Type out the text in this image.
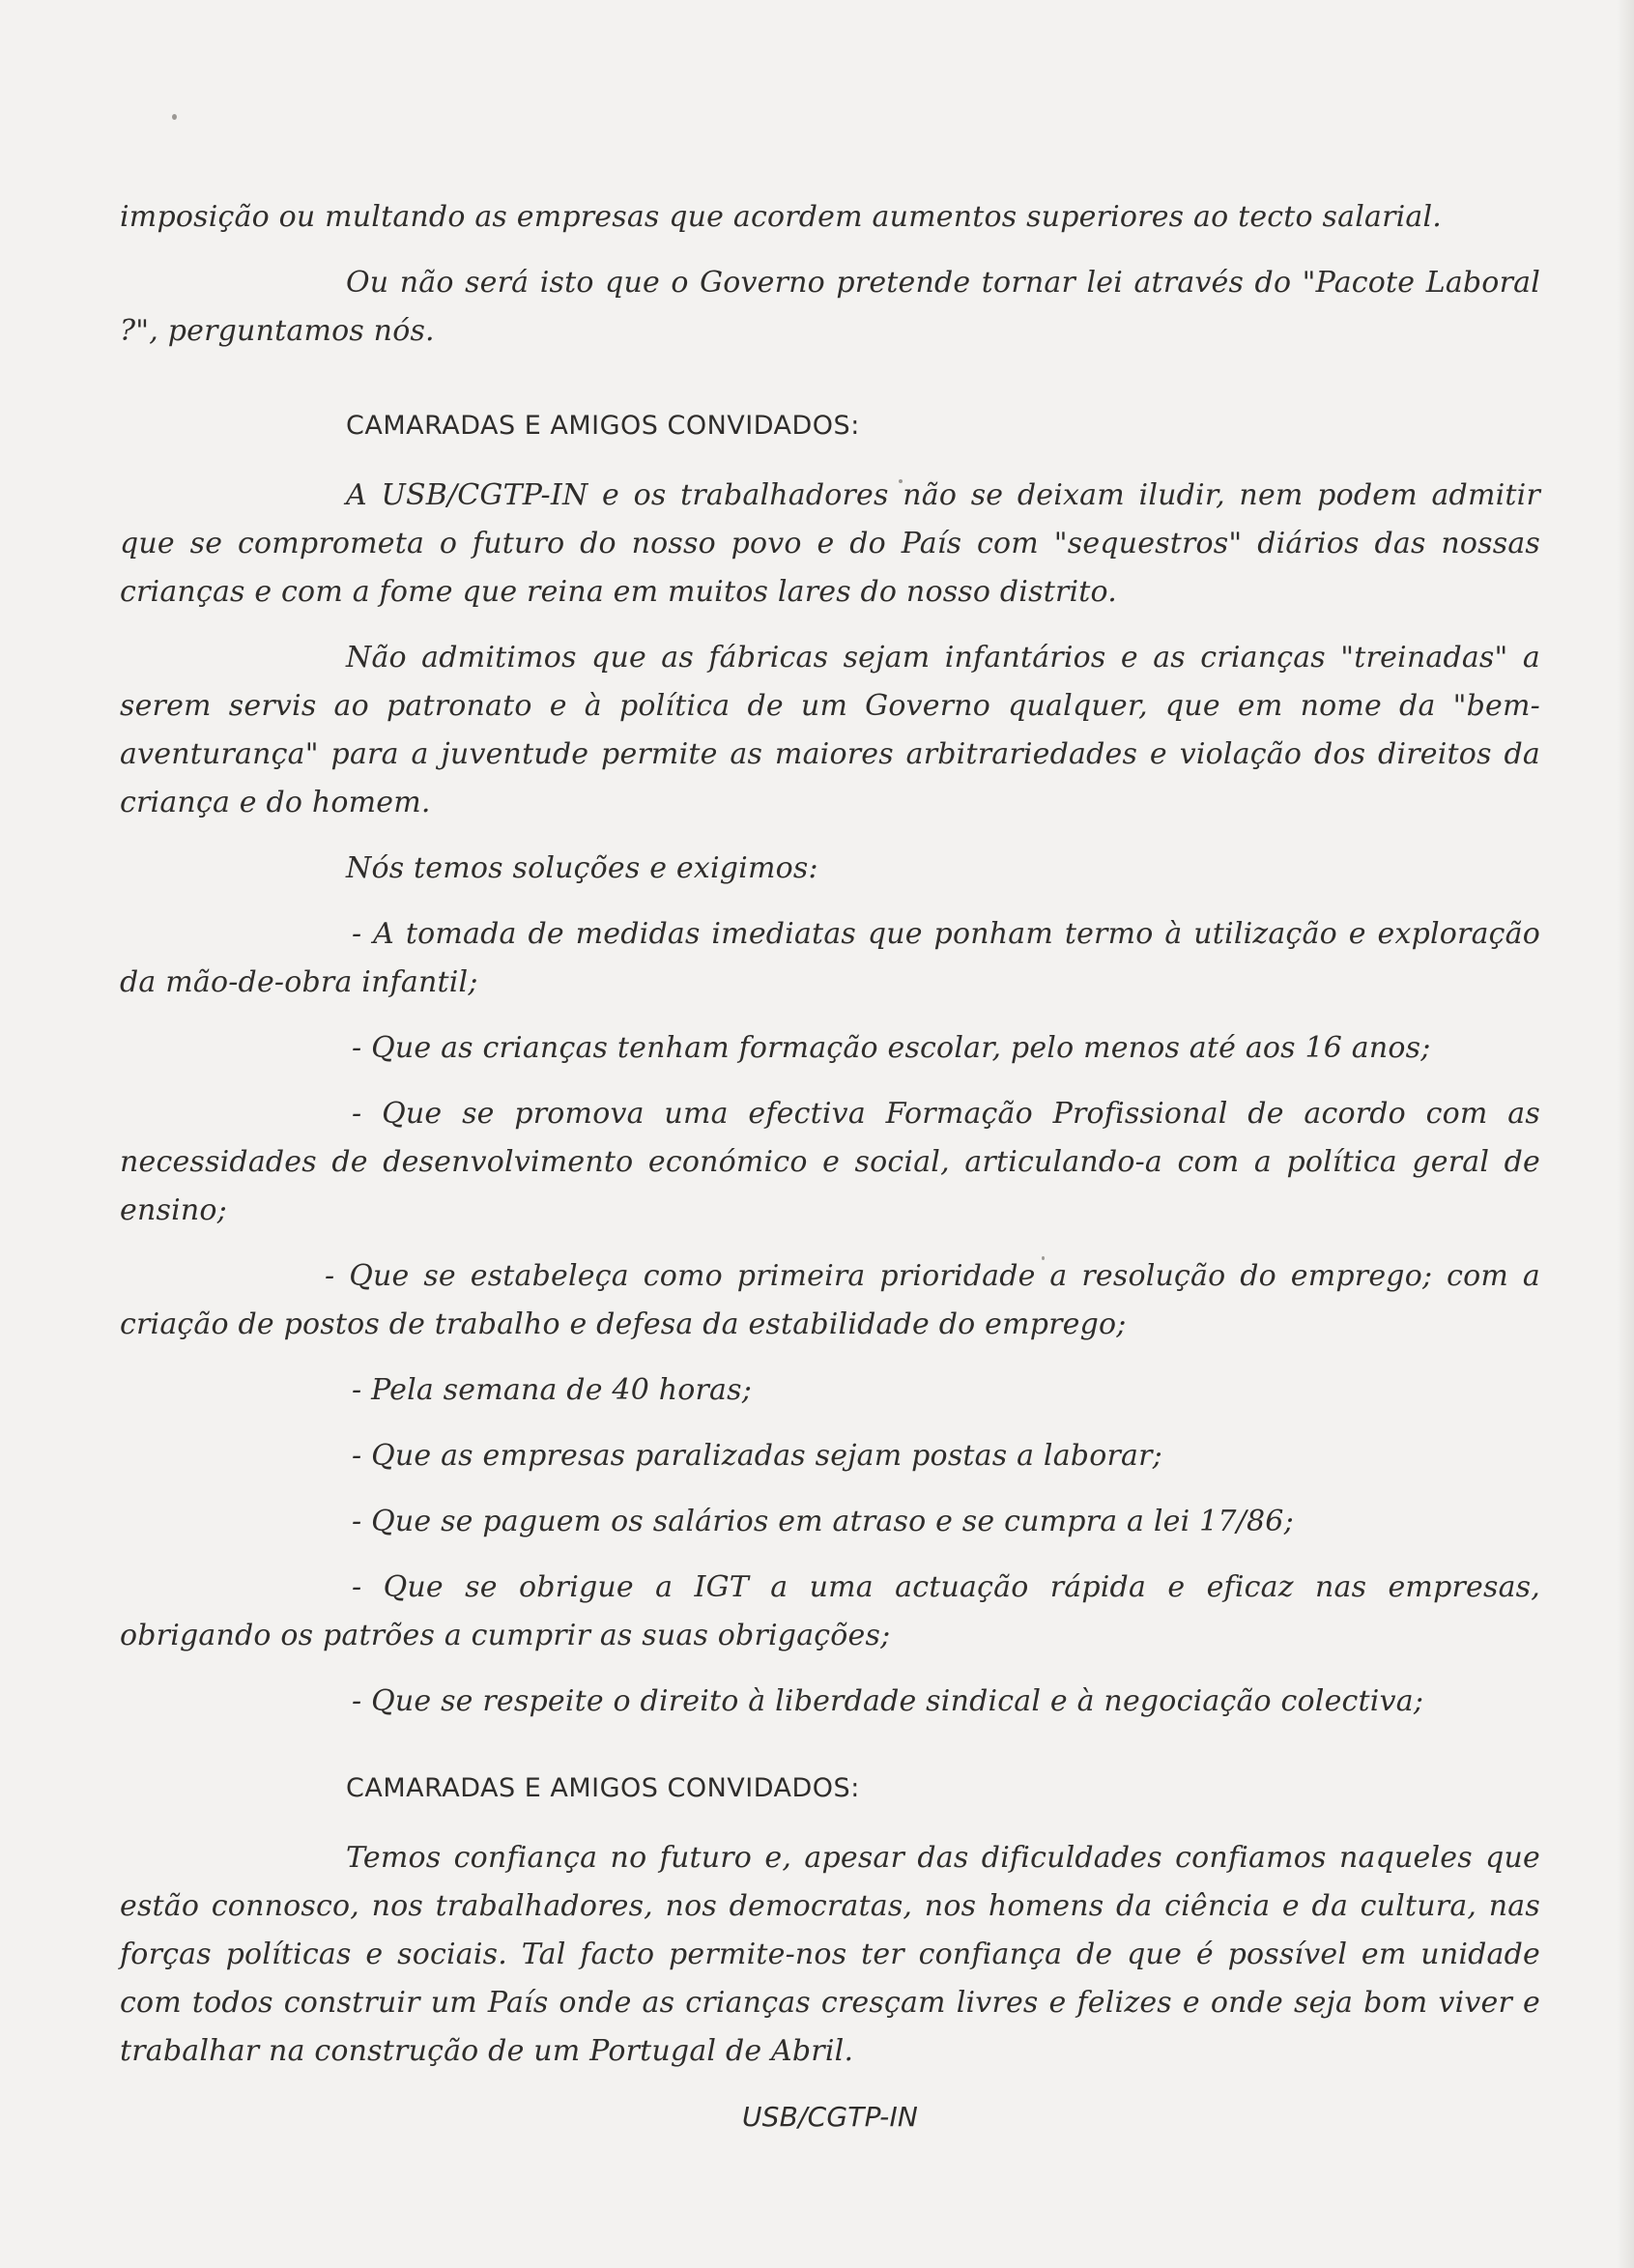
imposição ou multando as empresas que acordem aumentos superiores ao tecto salarial.

Ou não será isto que o Governo pretende tornar lei através do "Pacote Laboral ?", perguntamos nós.

CAMARADAS E AMIGOS CONVIDADOS:

A USB/CGTP-IN e os trabalhadores não se deixam iludir, nem podem admitir que se comprometa o futuro do nosso povo e do País com "sequestros" diários das nossas crianças e com a fome que reina em muitos lares do nosso distrito.

Não admitimos que as fábricas sejam infantários e as crianças "treinadas" a serem servis ao patronato e à política de um Governo qualquer, que em nome da "bem-aventurança" para a juventude permite as maiores arbitrariedades e violação dos direitos da criança e do homem.

Nós temos soluções e exigimos:

- A tomada de medidas imediatas que ponham termo à utilização e exploração da mão-de-obra infantil;

- Que as crianças tenham formação escolar, pelo menos até aos 16 anos;

- Que se promova uma efectiva Formação Profissional de acordo com as necessidades de desenvolvimento económico e social, articulando-a com a política geral de ensino;

- Que se estabeleça como primeira prioridade a resolução do emprego; com a criação de postos de trabalho e defesa da estabilidade do emprego;

- Pela semana de 40 horas;

- Que as empresas paralizadas sejam postas a laborar;

- Que se paguem os salários em atraso e se cumpra a lei 17/86;

- Que se obrigue a IGT a uma actuação rápida e eficaz nas empresas, obrigando os patrões a cumprir as suas obrigações;

- Que se respeite o direito à liberdade sindical e à negociação colectiva;

CAMARADAS E AMIGOS CONVIDADOS:

Temos confiança no futuro e, apesar das dificuldades confiamos naqueles que estão connosco, nos trabalhadores, nos democratas, nos homens da ciência e da cultura, nas forças políticas e sociais. Tal facto permite-nos ter confiança de que é possível em unidade com todos construir um País onde as crianças cresçam livres e felizes e onde seja bom viver e trabalhar na construção de um Portugal de Abril.

USB/CGTP-IN
